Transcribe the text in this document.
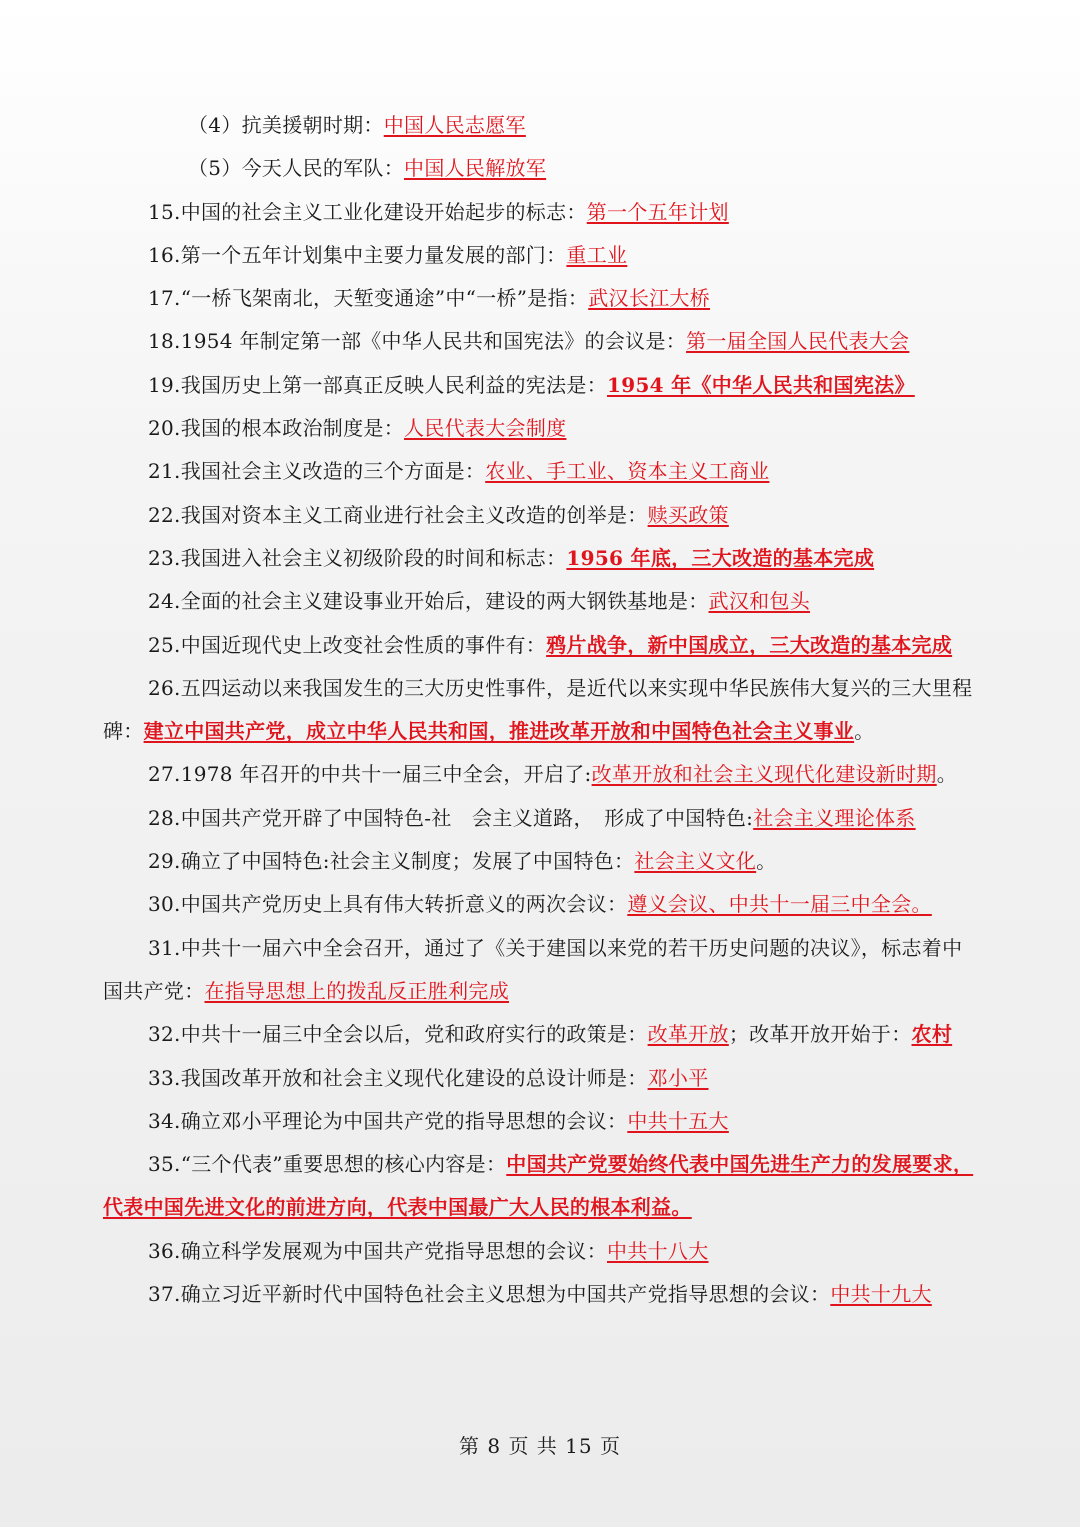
（4）抗美援朝时期：中国人民志愿军

（5）今天人民的军队：中国人民解放军

15.中国的社会主义工业化建设开始起步的标志：第一个五年计划

16.第一个五年计划集中主要力量发展的部门：重工业

17.“一桥飞架南北，天堑变通途”中“一桥”是指：武汉长江大桥

18.1954 年制定第一部《中华人民共和国宪法》的会议是：第一届全国人民代表大会

19.我国历史上第一部真正反映人民利益的宪法是：1954 年《中华人民共和国宪法》

20.我国的根本政治制度是：人民代表大会制度

21.我国社会主义改造的三个方面是：农业、手工业、资本主义工商业

22.我国对资本主义工商业进行社会主义改造的创举是：赎买政策

23.我国进入社会主义初级阶段的时间和标志：1956 年底，三大改造的基本完成

24.全面的社会主义建设事业开始后，建设的两大钢铁基地是：武汉和包头

25.中国近现代史上改变社会性质的事件有：鸦片战争，新中国成立，三大改造的基本完成

26.五四运动以来我国发生的三大历史性事件，是近代以来实现中华民族伟大复兴的三大里程碑：建立中国共产党，成立中华人民共和国，推进改革开放和中国特色社会主义事业。

27.1978 年召开的中共十一届三中全会，开启了:改革开放和社会主义现代化建设新时期。

28.中国共产党开辟了中国特色-社　会主义道路，　形成了中国特色:社会主义理论体系

29.确立了中国特色:社会主义制度；发展了中国特色：社会主义文化。

30.中国共产党历史上具有伟大转折意义的两次会议：遵义会议、中共十一届三中全会。

31.中共十一届六中全会召开，通过了《关于建国以来党的若干历史问题的决议》，标志着中国共产党：在指导思想上的拨乱反正胜利完成

32.中共十一届三中全会以后，党和政府实行的政策是：改革开放；改革开放开始于：农村

33.我国改革开放和社会主义现代化建设的总设计师是：邓小平

34.确立邓小平理论为中国共产党的指导思想的会议：中共十五大

35.“三个代表”重要思想的核心内容是：中国共产党要始终代表中国先进生产力的发展要求，代表中国先进文化的前进方向，代表中国最广大人民的根本利益。

36.确立科学发展观为中国共产党指导思想的会议：中共十八大

37.确立习近平新时代中国特色社会主义思想为中国共产党指导思想的会议：中共十九大

第 8 页 共 15 页
